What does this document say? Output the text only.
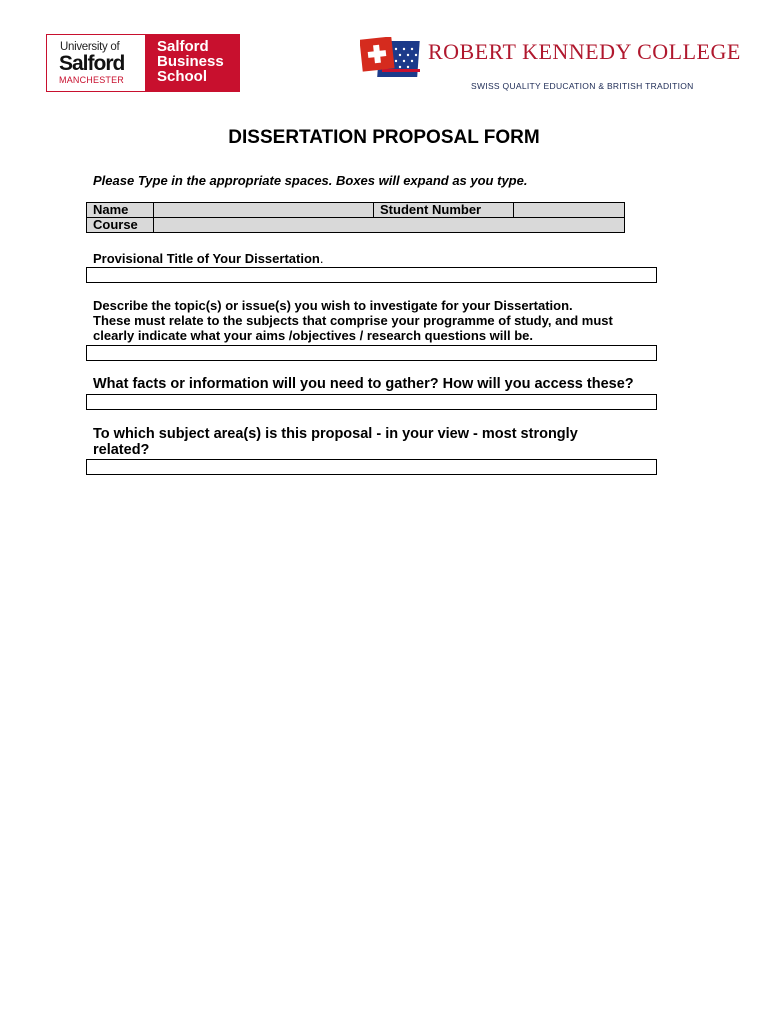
University of
Salford
MANCHESTER
Salford
Business
School
ROBERT KENNEDY COLLEGE
SWISS QUALITY EDUCATION & BRITISH TRADITION
DISSERTATION PROPOSAL FORM
Please Type in the appropriate spaces. Boxes will expand as you type.
Name		Student Number	
Course			
Provisional Title of Your Dissertation.
Describe the topic(s) or issue(s) you wish to investigate for your Dissertation.
These must relate to the subjects that comprise your programme of study, and must
clearly indicate what your aims /objectives / research questions will be.
What facts or information will you need to gather? How will you access these?
To which subject area(s) is this proposal - in your view - most strongly
related?
